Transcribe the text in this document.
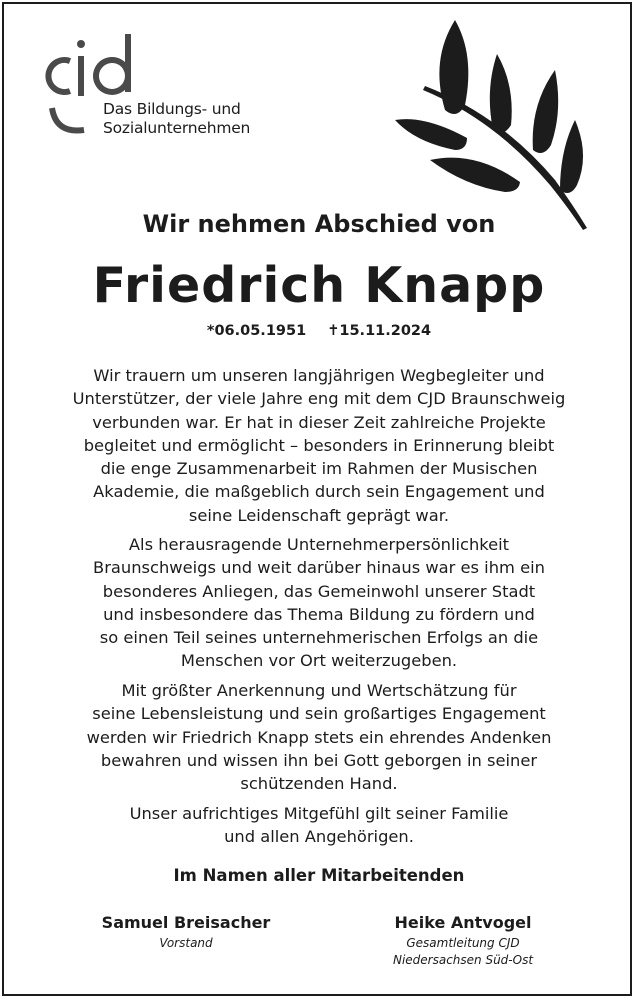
Das Bildungs- und
Sozialunternehmen
Wir nehmen Abschied von
Friedrich Knapp
*06.05.1951 ✝15.11.2024
Wir trauern um unseren langjährigen Wegbegleiter und
Unterstützer, der viele Jahre eng mit dem CJD Braunschweig
verbunden war. Er hat in dieser Zeit zahlreiche Projekte
begleitet und ermöglicht – besonders in Erinnerung bleibt
die enge Zusammenarbeit im Rahmen der Musischen
Akademie, die maßgeblich durch sein Engagement und
seine Leidenschaft geprägt war.
Als herausragende Unternehmerpersönlichkeit
Braunschweigs und weit darüber hinaus war es ihm ein
besonderes Anliegen, das Gemeinwohl unserer Stadt
und insbesondere das Thema Bildung zu fördern und
so einen Teil seines unternehmerischen Erfolgs an die
Menschen vor Ort weiterzugeben.
Mit größter Anerkennung und Wertschätzung für
seine Lebensleistung und sein großartiges Engagement
werden wir Friedrich Knapp stets ein ehrendes Andenken
bewahren und wissen ihn bei Gott geborgen in seiner
schützenden Hand.
Unser aufrichtiges Mitgefühl gilt seiner Familie
und allen Angehörigen.
Im Namen aller Mitarbeitenden
Samuel Breisacher
Vorstand
Heike Antvogel
Gesamtleitung CJD
Niedersachsen Süd-Ost
